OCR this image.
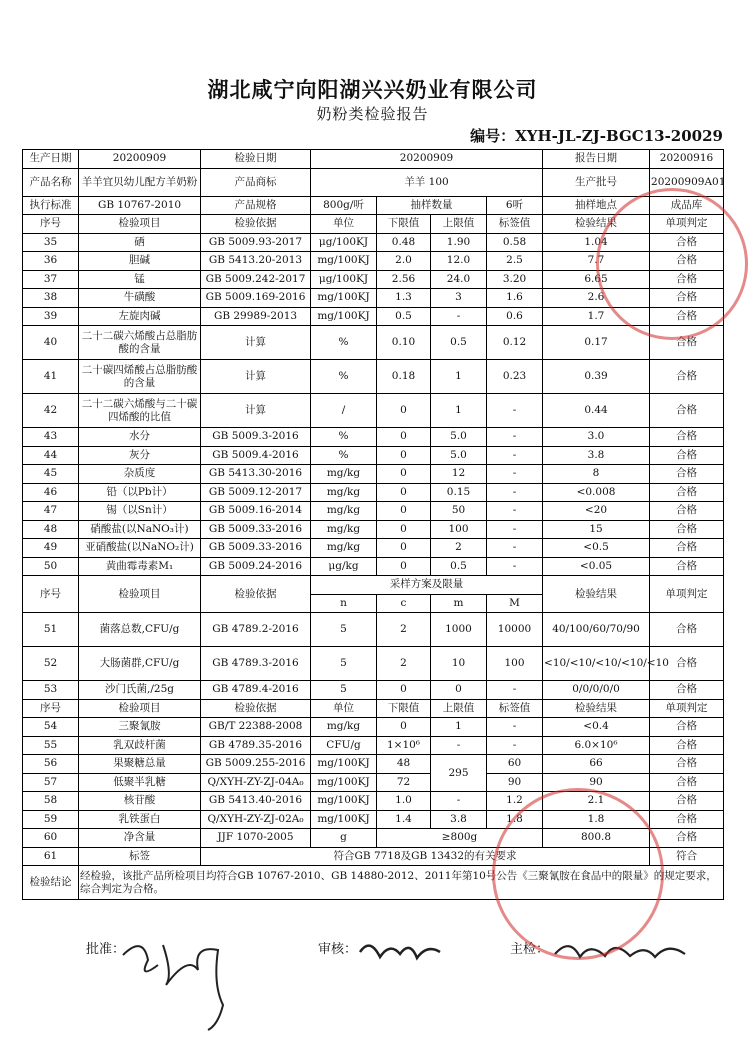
湖北咸宁向阳湖兴兴奶业有限公司
奶粉类检验报告
编号：XYH-JL-ZJ-BGC13-20029
生产日期	20200909	检验日期	20200909				报告日期	20200916
产品名称	羊羊宜贝幼儿配方羊奶粉	产品商标	羊羊 100				生产批号	20200909A01
执行标准	GB 10767-2010	产品规格	800g/听	抽样数量		6听	抽样地点	成品库
序号	检验项目	检验依据	单位	下限值	上限值	标签值	检验结果	单项判定
35	硒	GB 5009.93-2017	μg/100KJ	0.48	1.90	0.58	1.04	合格
36	胆碱	GB 5413.20-2013	mg/100KJ	2.0	12.0	2.5	7.7	合格
37	锰	GB 5009.242-2017	μg/100KJ	2.56	24.0	3.20	6.65	合格
38	牛磺酸	GB 5009.169-2016	mg/100KJ	1.3	3	1.6	2.6	合格
39	左旋肉碱	GB 29989-2013	mg/100KJ	0.5	-	0.6	1.7	合格
40	二十二碳六烯酸占总脂肪酸的含量	计算	%	0.10	0.5	0.12	0.17	合格
41	二十碳四烯酸占总脂肪酸的含量	计算	%	0.18	1	0.23	0.39	合格
42	二十二碳六烯酸与二十碳四烯酸的比值	计算	/	0	1	-	0.44	合格
43	水分	GB 5009.3-2016	%	0	5.0	-	3.0	合格
44	灰分	GB 5009.4-2016	%	0	5.0	-	3.8	合格
45	杂质度	GB 5413.30-2016	mg/kg	0	12	-	8	合格
46	铅（以Pb计）	GB 5009.12-2017	mg/kg	0	0.15	-	<0.008	合格
47	锡（以Sn计）	GB 5009.16-2014	mg/kg	0	50	-	<20	合格
48	硝酸盐(以NaNO₃计)	GB 5009.33-2016	mg/kg	0	100	-	15	合格
49	亚硝酸盐(以NaNO₂计)	GB 5009.33-2016	mg/kg	0	2	-	<0.5	合格
50	黄曲霉毒素M₁	GB 5009.24-2016	μg/kg	0	0.5	-	<0.05	合格
序号	检验项目	检验依据	采样方案及限量				检验结果	单项判定
			n	c	m	M		
51	菌落总数,CFU/g	GB 4789.2-2016	5	2	1000	10000	40/100/60/70/90	合格
52	大肠菌群,CFU/g	GB 4789.3-2016	5	2	10	100	<10/<10/<10/<10/<10	合格
53	沙门氏菌,/25g	GB 4789.4-2016	5	0	0	-	0/0/0/0/0	合格
序号	检验项目	检验依据	单位	下限值	上限值	标签值	检验结果	单项判定
54	三聚氰胺	GB/T 22388-2008	mg/kg	0	1	-	<0.4	合格
55	乳双歧杆菌	GB 4789.35-2016	CFU/g	1×10⁶	-	-	6.0×10⁶	合格
56	果聚糖总量	GB 5009.255-2016	mg/100KJ	48	295	60	66	合格
57	低聚半乳糖	Q/XYH-ZY-ZJ-04A₀	mg/100KJ	72		90	90	合格
58	核苷酸	GB 5413.40-2016	mg/100KJ	1.0	-	1.2	2.1	合格
59	乳铁蛋白	Q/XYH-ZY-ZJ-02A₀	mg/100KJ	1.4	3.8	1.8	1.8	合格
60	净含量	JJF 1070-2005	g	≥800g			800.8	合格
61	标签	符合GB 7718及GB 13432的有关要求						符合
检验结论	经检验，该批产品所检项目均符合GB 10767-2010、GB 14880-2012、2011年第10号公告《三聚氰胺在食品中的限量》的规定要求，综合判定为合格。							
批准：	审核：	主检：
